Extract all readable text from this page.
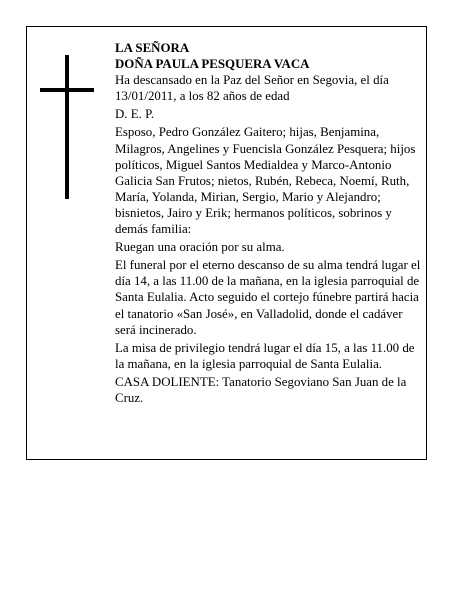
LA SEÑORA

DOÑA PAULA PESQUERA VACA

Ha descansado en la Paz del Señor en Segovia, el día 13/01/2011, a los 82 años de edad

D. E. P.

Esposo, Pedro González Gaitero; hijas, Benjamina, Milagros, Angelines y Fuencisla González Pesquera; hijos políticos, Miguel Santos Medialdea y Marco-Antonio Galicia San Frutos; nietos, Rubén, Rebeca, Noemí, Ruth, María, Yolanda, Mirian, Sergio, Mario y Alejandro; bisnietos, Jairo y Erik; hermanos políticos, sobrinos y demás familia:

Ruegan una oración por su alma.

El funeral por el eterno descanso de su alma tendrá lugar el día 14, a las 11.00 de la mañana, en la iglesia parroquial de Santa Eulalia. Acto seguido el cortejo fúnebre partirá hacia el tanatorio «San José», en Valladolid, donde el cadáver será incinerado.

La misa de privilegio tendrá lugar el día 15, a las 11.00 de la mañana, en la iglesia parroquial de Santa Eulalia.

CASA DOLIENTE: Tanatorio Segoviano San Juan de la Cruz.
